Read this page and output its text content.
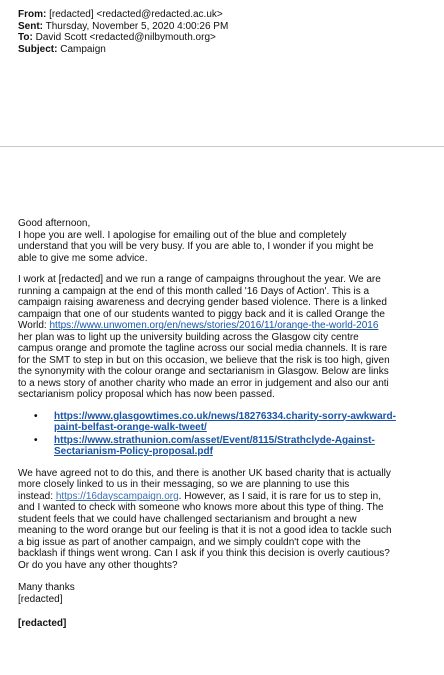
From: [redacted] <redacted@redacted.ac.uk>
Sent: Thursday, November 5, 2020 4:00:26 PM
To: David Scott <redacted@nilbymouth.org>
Subject: Campaign
Good afternoon,
I hope you are well. I apologise for emailing out of the blue and completely
understand that you will be very busy. If you are able to, I wonder if you might be
able to give me some advice.
I work at [redacted] and we run a range of campaigns throughout the year. We are
running a campaign at the end of this month called '16 Days of Action'. This is a
campaign raising awareness and decrying gender based violence. There is a linked
campaign that one of our students wanted to piggy back and it is called Orange the
World: https://www.unwomen.org/en/news/stories/2016/11/orange-the-world-2016
her plan was to light up the university building across the Glasgow city centre
campus orange and promote the tagline across our social media channels. It is rare
for the SMT to step in but on this occasion, we believe that the risk is too high, given
the synonymity with the colour orange and sectarianism in Glasgow. Below are links
to a news story of another charity who made an error in judgement and also our anti
sectarianism policy proposal which has now been passed.
• https://www.glasgowtimes.co.uk/news/18276334.charity-sorry-awkward-
paint-belfast-orange-walk-tweet/
• https://www.strathunion.com/asset/Event/8115/Strathclyde-Against-
Sectarianism-Policy-proposal.pdf
We have agreed not to do this, and there is another UK based charity that is actually
more closely linked to us in their messaging, so we are planning to use this
instead: https://16dayscampaign.org. However, as I said, it is rare for us to step in,
and I wanted to check with someone who knows more about this type of thing. The
student feels that we could have challenged sectarianism and brought a new
meaning to the word orange but our feeling is that it is not a good idea to tackle such
a big issue as part of another campaign, and we simply couldn't cope with the
backlash if things went wrong. Can I ask if you think this decision is overly cautious?
Or do you have any other thoughts?
Many thanks
[redacted]
[redacted]
